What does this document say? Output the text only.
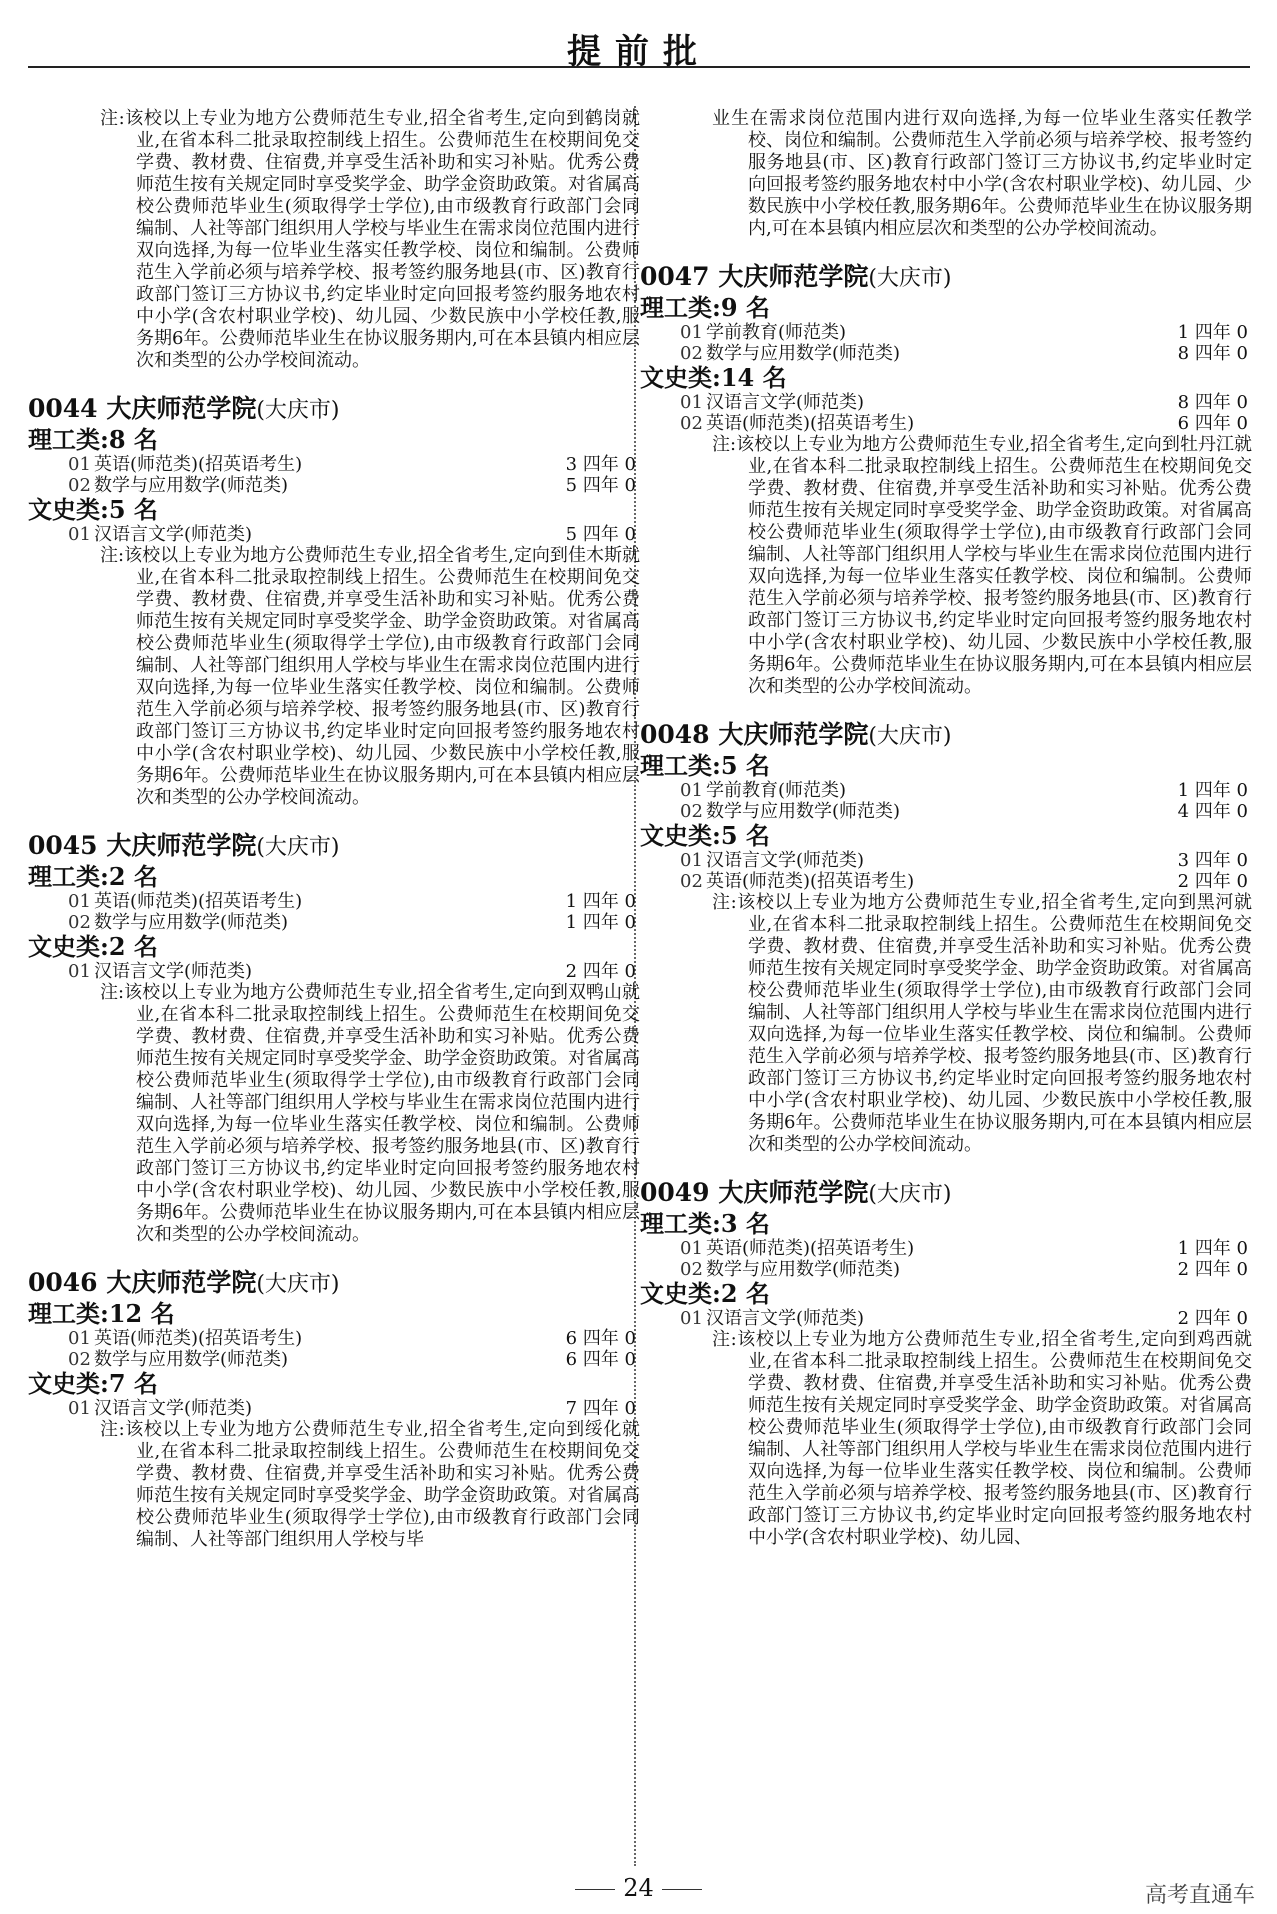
提前批
注:该校以上专业为地方公费师范生专业,招全省考生,定向到鹤岗就业,在省本科二批录取控制线上招生。公费师范生在校期间免交学费、教材费、住宿费,并享受生活补助和实习补贴。优秀公费师范生按有关规定同时享受奖学金、助学金资助政策。对省属高校公费师范毕业生(须取得学士学位),由市级教育行政部门会同编制、人社等部门组织用人学校与毕业生在需求岗位范围内进行双向选择,为每一位毕业生落实任教学校、岗位和编制。公费师范生入学前必须与培养学校、报考签约服务地县(市、区)教育行政部门签订三方协议书,约定毕业时定向回报考签约服务地农村中小学(含农村职业学校)、幼儿园、少数民族中小学校任教,服务期6年。公费师范毕业生在协议服务期内,可在本县镇内相应层次和类型的公办学校间流动。
0044 大庆师范学院(大庆市)
理工类:8 名
01 英语(师范类)(招英语考生)	3 四年 0
02 数学与应用数学(师范类)	5 四年 0
文史类:5 名
01 汉语言文学(师范类)	5 四年 0
注:该校以上专业为地方公费师范生专业,招全省考生,定向到佳木斯就业,在省本科二批录取控制线上招生。公费师范生在校期间免交学费、教材费、住宿费,并享受生活补助和实习补贴。优秀公费师范生按有关规定同时享受奖学金、助学金资助政策。对省属高校公费师范毕业生(须取得学士学位),由市级教育行政部门会同编制、人社等部门组织用人学校与毕业生在需求岗位范围内进行双向选择,为每一位毕业生落实任教学校、岗位和编制。公费师范生入学前必须与培养学校、报考签约服务地县(市、区)教育行政部门签订三方协议书,约定毕业时定向回报考签约服务地农村中小学(含农村职业学校)、幼儿园、少数民族中小学校任教,服务期6年。公费师范毕业生在协议服务期内,可在本县镇内相应层次和类型的公办学校间流动。
0045 大庆师范学院(大庆市)
理工类:2 名
01 英语(师范类)(招英语考生)	1 四年 0
02 数学与应用数学(师范类)	1 四年 0
文史类:2 名
01 汉语言文学(师范类)	2 四年 0
注:该校以上专业为地方公费师范生专业,招全省考生,定向到双鸭山就业,在省本科二批录取控制线上招生。公费师范生在校期间免交学费、教材费、住宿费,并享受生活补助和实习补贴。优秀公费师范生按有关规定同时享受奖学金、助学金资助政策。对省属高校公费师范毕业生(须取得学士学位),由市级教育行政部门会同编制、人社等部门组织用人学校与毕业生在需求岗位范围内进行双向选择,为每一位毕业生落实任教学校、岗位和编制。公费师范生入学前必须与培养学校、报考签约服务地县(市、区)教育行政部门签订三方协议书,约定毕业时定向回报考签约服务地农村中小学(含农村职业学校)、幼儿园、少数民族中小学校任教,服务期6年。公费师范毕业生在协议服务期内,可在本县镇内相应层次和类型的公办学校间流动。
0046 大庆师范学院(大庆市)
理工类:12 名
01 英语(师范类)(招英语考生)	6 四年 0
02 数学与应用数学(师范类)	6 四年 0
文史类:7 名
01 汉语言文学(师范类)	7 四年 0
注:该校以上专业为地方公费师范生专业,招全省考生,定向到绥化就业,在省本科二批录取控制线上招生。公费师范生在校期间免交学费、教材费、住宿费,并享受生活补助和实习补贴。优秀公费师范生按有关规定同时享受奖学金、助学金资助政策。对省属高校公费师范毕业生(须取得学士学位),由市级教育行政部门会同编制、人社等部门组织用人学校与毕
业生在需求岗位范围内进行双向选择,为每一位毕业生落实任教学校、岗位和编制。公费师范生入学前必须与培养学校、报考签约服务地县(市、区)教育行政部门签订三方协议书,约定毕业时定向回报考签约服务地农村中小学(含农村职业学校)、幼儿园、少数民族中小学校任教,服务期6年。公费师范毕业生在协议服务期内,可在本县镇内相应层次和类型的公办学校间流动。
0047 大庆师范学院(大庆市)
理工类:9 名
01 学前教育(师范类)	1 四年 0
02 数学与应用数学(师范类)	8 四年 0
文史类:14 名
01 汉语言文学(师范类)	8 四年 0
02 英语(师范类)(招英语考生)	6 四年 0
注:该校以上专业为地方公费师范生专业,招全省考生,定向到牡丹江就业,在省本科二批录取控制线上招生。公费师范生在校期间免交学费、教材费、住宿费,并享受生活补助和实习补贴。优秀公费师范生按有关规定同时享受奖学金、助学金资助政策。对省属高校公费师范毕业生(须取得学士学位),由市级教育行政部门会同编制、人社等部门组织用人学校与毕业生在需求岗位范围内进行双向选择,为每一位毕业生落实任教学校、岗位和编制。公费师范生入学前必须与培养学校、报考签约服务地县(市、区)教育行政部门签订三方协议书,约定毕业时定向回报考签约服务地农村中小学(含农村职业学校)、幼儿园、少数民族中小学校任教,服务期6年。公费师范毕业生在协议服务期内,可在本县镇内相应层次和类型的公办学校间流动。
0048 大庆师范学院(大庆市)
理工类:5 名
01 学前教育(师范类)	1 四年 0
02 数学与应用数学(师范类)	4 四年 0
文史类:5 名
01 汉语言文学(师范类)	3 四年 0
02 英语(师范类)(招英语考生)	2 四年 0
注:该校以上专业为地方公费师范生专业,招全省考生,定向到黑河就业,在省本科二批录取控制线上招生。公费师范生在校期间免交学费、教材费、住宿费,并享受生活补助和实习补贴。优秀公费师范生按有关规定同时享受奖学金、助学金资助政策。对省属高校公费师范毕业生(须取得学士学位),由市级教育行政部门会同编制、人社等部门组织用人学校与毕业生在需求岗位范围内进行双向选择,为每一位毕业生落实任教学校、岗位和编制。公费师范生入学前必须与培养学校、报考签约服务地县(市、区)教育行政部门签订三方协议书,约定毕业时定向回报考签约服务地农村中小学(含农村职业学校)、幼儿园、少数民族中小学校任教,服务期6年。公费师范毕业生在协议服务期内,可在本县镇内相应层次和类型的公办学校间流动。
0049 大庆师范学院(大庆市)
理工类:3 名
01 英语(师范类)(招英语考生)	1 四年 0
02 数学与应用数学(师范类)	2 四年 0
文史类:2 名
01 汉语言文学(师范类)	2 四年 0
注:该校以上专业为地方公费师范生专业,招全省考生,定向到鸡西就业,在省本科二批录取控制线上招生。公费师范生在校期间免交学费、教材费、住宿费,并享受生活补助和实习补贴。优秀公费师范生按有关规定同时享受奖学金、助学金资助政策。对省属高校公费师范毕业生(须取得学士学位),由市级教育行政部门会同编制、人社等部门组织用人学校与毕业生在需求岗位范围内进行双向选择,为每一位毕业生落实任教学校、岗位和编制。公费师范生入学前必须与培养学校、报考签约服务地县(市、区)教育行政部门签订三方协议书,约定毕业时定向回报考签约服务地农村中小学(含农村职业学校)、幼儿园、
24	高考直通车
